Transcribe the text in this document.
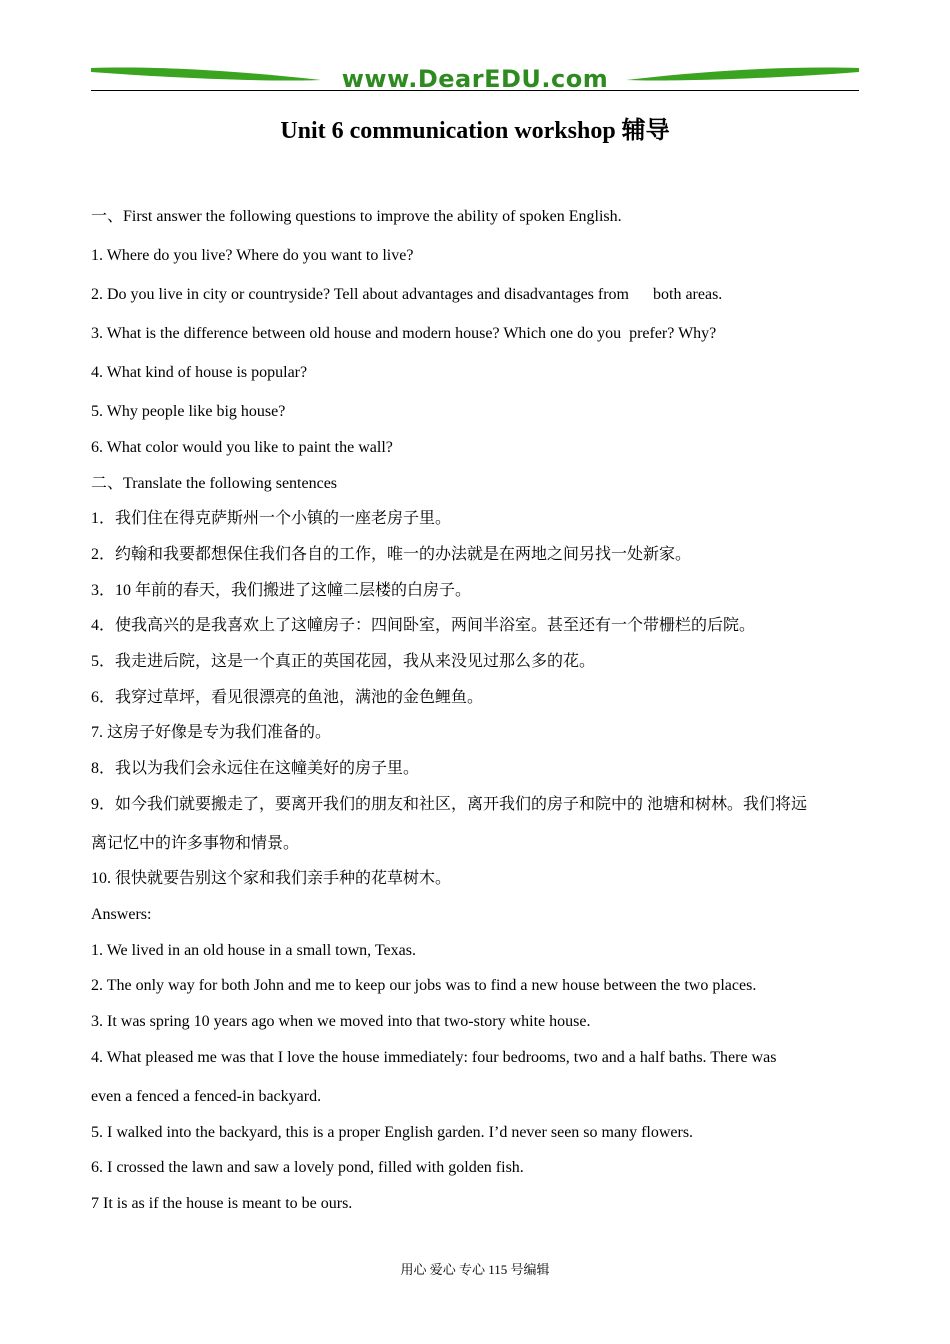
www.DearEDU.com
Unit 6 communication workshop 辅导
一、First answer the following questions to improve the ability of spoken English.
1. Where do you live? Where do you want to live?
2. Do you live in city or countryside? Tell about advantages and disadvantages from      both areas.
3. What is the difference between old house and modern house? Which one do you  prefer? Why?
4. What kind of house is popular?
5. Why people like big house?
6. What color would you like to paint the wall?
二、Translate the following sentences
1．我们住在得克萨斯州一个小镇的一座老房子里。
2．约翰和我要都想保住我们各自的工作，唯一的办法就是在两地之间另找一处新家。
3．10 年前的春天，我们搬进了这幢二层楼的白房子。
4．使我高兴的是我喜欢上了这幢房子：四间卧室，两间半浴室。甚至还有一个带栅栏的后院。
5．我走进后院，这是一个真正的英国花园，我从来没见过那么多的花。
6．我穿过草坪，看见很漂亮的鱼池，满池的金色鲤鱼。
7. 这房子好像是专为我们准备的。
8．我以为我们会永远住在这幢美好的房子里。
9．如今我们就要搬走了，要离开我们的朋友和社区，离开我们的房子和院中的 池塘和树林。我们将远
离记忆中的许多事物和情景。
10. 很快就要告别这个家和我们亲手种的花草树木。
Answers:
1. We lived in an old house in a small town, Texas.
2. The only way for both John and me to keep our jobs was to find a new house between the two places.
3. It was spring 10 years ago when we moved into that two-story white house.
4. What pleased me was that I love the house immediately: four bedrooms, two and a half baths. There was
even a fenced a fenced-in backyard.
5. I walked into the backyard, this is a proper English garden. I’d never seen so many flowers.
6. I crossed the lawn and saw a lovely pond, filled with golden fish.
7 It is as if the house is meant to be ours.
用心 爱心 专心 115 号编辑
